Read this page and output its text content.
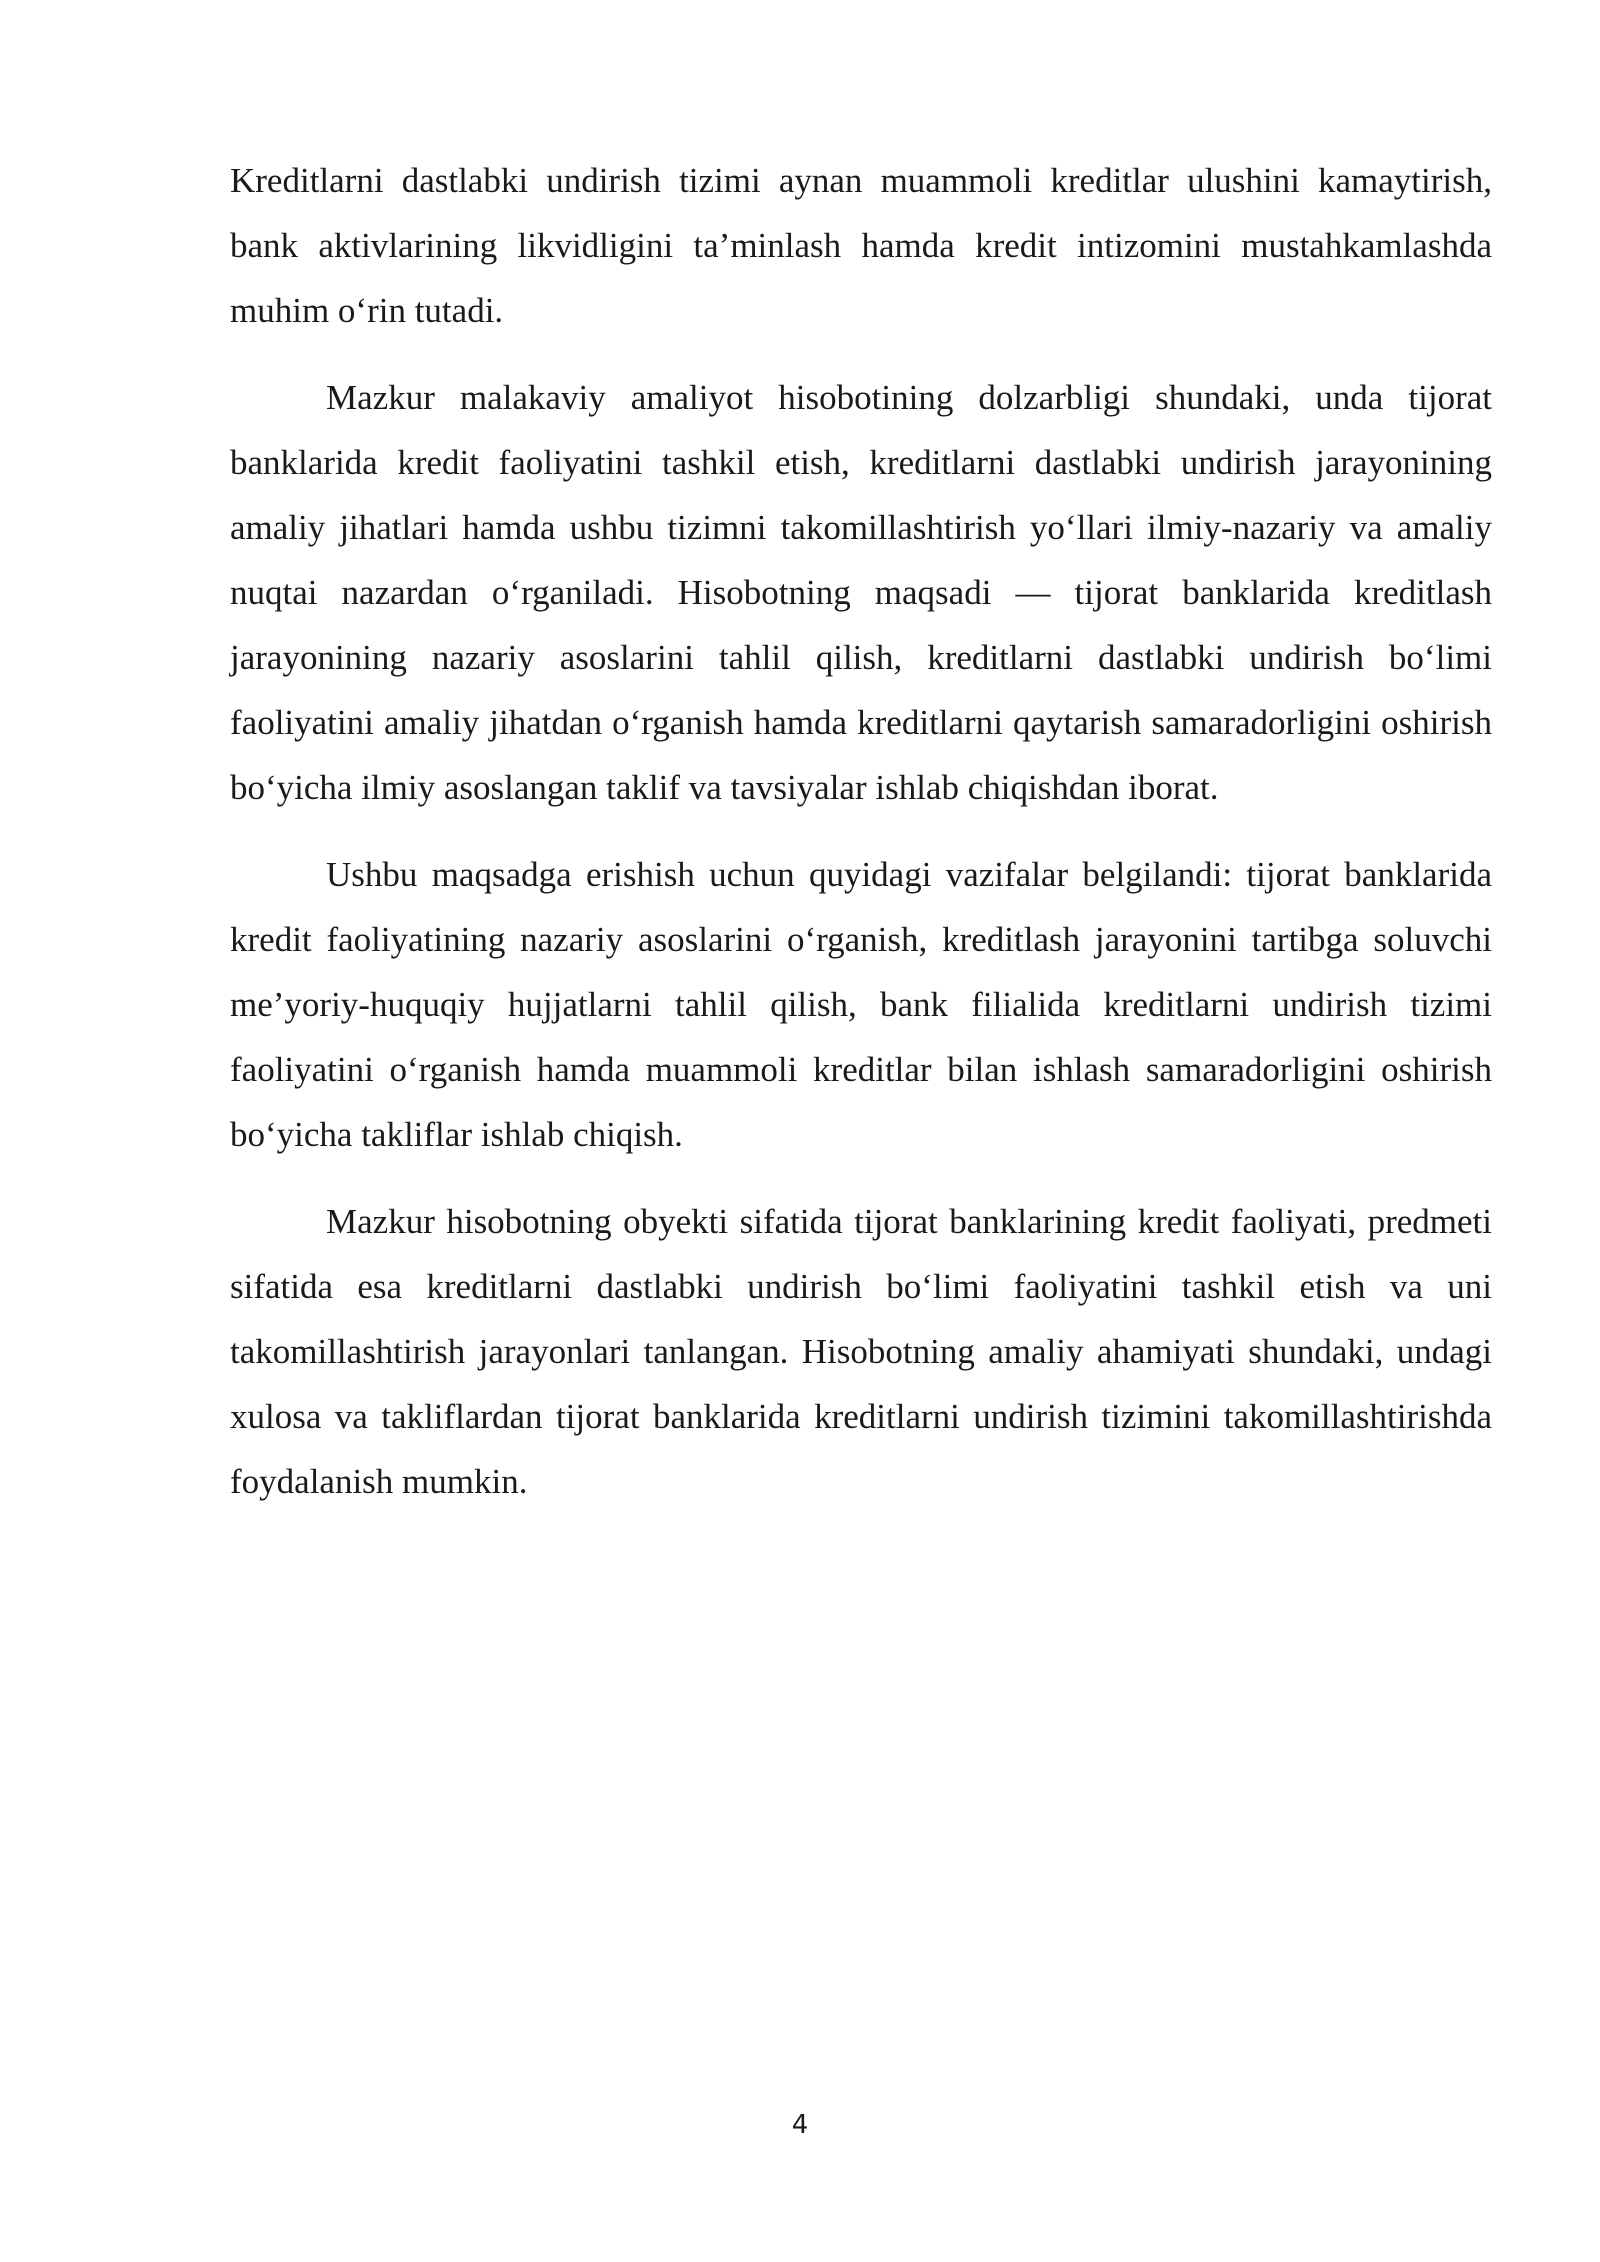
Kreditlarni dastlabki undirish tizimi aynan muammoli kreditlar ulushini kamaytirish, bank aktivlarining likvidligini ta’minlash hamda kredit intizomini mustahkamlashda muhim o‘rin tutadi.

Mazkur malakaviy amaliyot hisobotining dolzarbligi shundaki, unda tijorat banklarida kredit faoliyatini tashkil etish, kreditlarni dastlabki undirish jarayonining amaliy jihatlari hamda ushbu tizimni takomillashtirish yo‘llari ilmiy-nazariy va amaliy nuqtai nazardan o‘rganiladi. Hisobotning maqsadi — tijorat banklarida kreditlash jarayonining nazariy asoslarini tahlil qilish, kreditlarni dastlabki undirish bo‘limi faoliyatini amaliy jihatdan o‘rganish hamda kreditlarni qaytarish samaradorligini oshirish bo‘yicha ilmiy asoslangan taklif va tavsiyalar ishlab chiqishdan iborat.

Ushbu maqsadga erishish uchun quyidagi vazifalar belgilandi: tijorat banklarida kredit faoliyatining nazariy asoslarini o‘rganish, kreditlash jarayonini tartibga soluvchi me’yoriy-huquqiy hujjatlarni tahlil qilish, bank filialida kreditlarni undirish tizimi faoliyatini o‘rganish hamda muammoli kreditlar bilan ishlash samaradorligini oshirish bo‘yicha takliflar ishlab chiqish.

Mazkur hisobotning obyekti sifatida tijorat banklarining kredit faoliyati, predmeti sifatida esa kreditlarni dastlabki undirish bo‘limi faoliyatini tashkil etish va uni takomillashtirish jarayonlari tanlangan. Hisobotning amaliy ahamiyati shundaki, undagi xulosa va takliflardan tijorat banklarida kreditlarni undirish tizimini takomillashtirishda foydalanish mumkin.

4
